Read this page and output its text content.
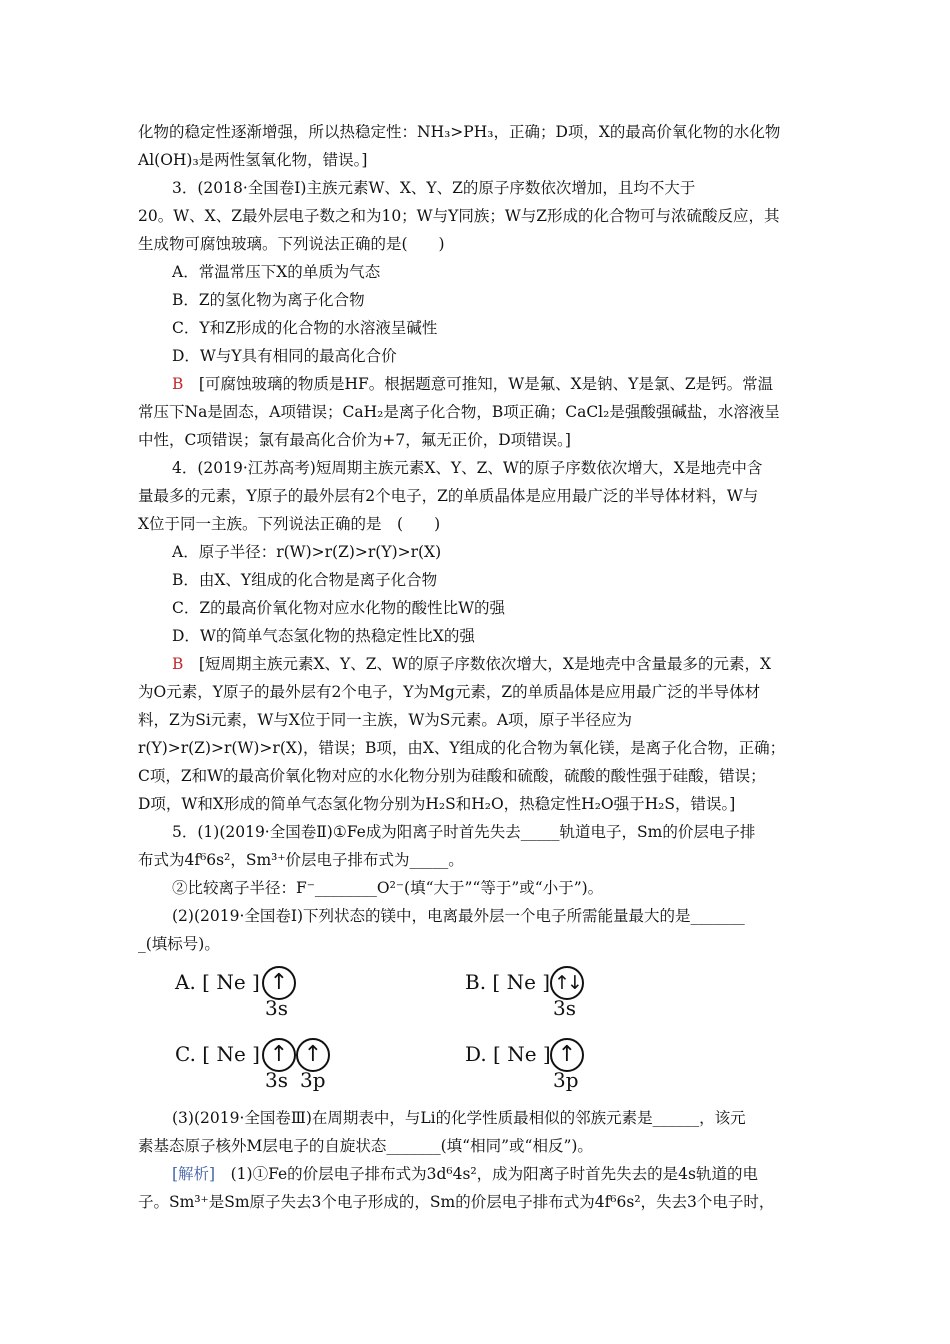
化物的稳定性逐渐增强，所以热稳定性：NH₃>PH₃，正确；D项，X的最高价氧化物的水化物
Al(OH)₃是两性氢氧化物，错误。]
3．(2018·全国卷Ⅰ)主族元素W、X、Y、Z的原子序数依次增加，且均不大于
20。W、X、Z最外层电子数之和为10；W与Y同族；W与Z形成的化合物可与浓硫酸反应，其
生成物可腐蚀玻璃。下列说法正确的是(　　)
A．常温常压下X的单质为气态
B．Z的氢化物为离子化合物
C．Y和Z形成的化合物的水溶液呈碱性
D．W与Y具有相同的最高化合价
B　[可腐蚀玻璃的物质是HF。根据题意可推知，W是氟、X是钠、Y是氯、Z是钙。常温
常压下Na是固态，A项错误；CaH₂是离子化合物，B项正确；CaCl₂是强酸强碱盐，水溶液呈
中性，C项错误；氯有最高化合价为+7，氟无正价，D项错误。]
4．(2019·江苏高考)短周期主族元素X、Y、Z、W的原子序数依次增大，X是地壳中含
量最多的元素，Y原子的最外层有2个电子，Z的单质晶体是应用最广泛的半导体材料，W与
X位于同一主族。下列说法正确的是　(　　)
A．原子半径：r(W)>r(Z)>r(Y)>r(X)
B．由X、Y组成的化合物是离子化合物
C．Z的最高价氧化物对应水化物的酸性比W的强
D．W的简单气态氢化物的热稳定性比X的强
B　[短周期主族元素X、Y、Z、W的原子序数依次增大，X是地壳中含量最多的元素，X
为O元素，Y原子的最外层有2个电子，Y为Mg元素，Z的单质晶体是应用最广泛的半导体材
料，Z为Si元素，W与X位于同一主族，W为S元素。A项，原子半径应为
r(Y)>r(Z)>r(W)>r(X)，错误；B项，由X、Y组成的化合物为氧化镁，是离子化合物，正确；
C项，Z和W的最高价氧化物对应的水化物分别为硅酸和硫酸，硫酸的酸性强于硅酸，错误；
D项，W和X形成的简单气态氢化物分别为H₂S和H₂O，热稳定性H₂O强于H₂S，错误。]
5．(1)(2019·全国卷Ⅱ)①Fe成为阳离子时首先失去_____轨道电子，Sm的价层电子排
布式为4f⁶6s²，Sm³⁺价层电子排布式为_____。
②比较离子半径：F⁻________O²⁻(填“大于”“等于”或“小于”)。
(2)(2019·全国卷Ⅰ)下列状态的镁中，电离最外层一个电子所需能量最大的是_______
_(填标号)。
A. [ Ne ] ↑
3s
B. [ Ne ] ↑↓
3s
C. [ Ne ] ↑ ↑
3s 3p
D. [ Ne ] ↑
3p
(3)(2019·全国卷Ⅲ)在周期表中，与Li的化学性质最相似的邻族元素是______，该元
素基态原子核外M层电子的自旋状态_______(填“相同”或“相反”)。
[解析]　(1)①Fe的价层电子排布式为3d⁶4s²，成为阳离子时首先失去的是4s轨道的电
子。Sm³⁺是Sm原子失去3个电子形成的，Sm的价层电子排布式为4f⁶6s²，失去3个电子时，
